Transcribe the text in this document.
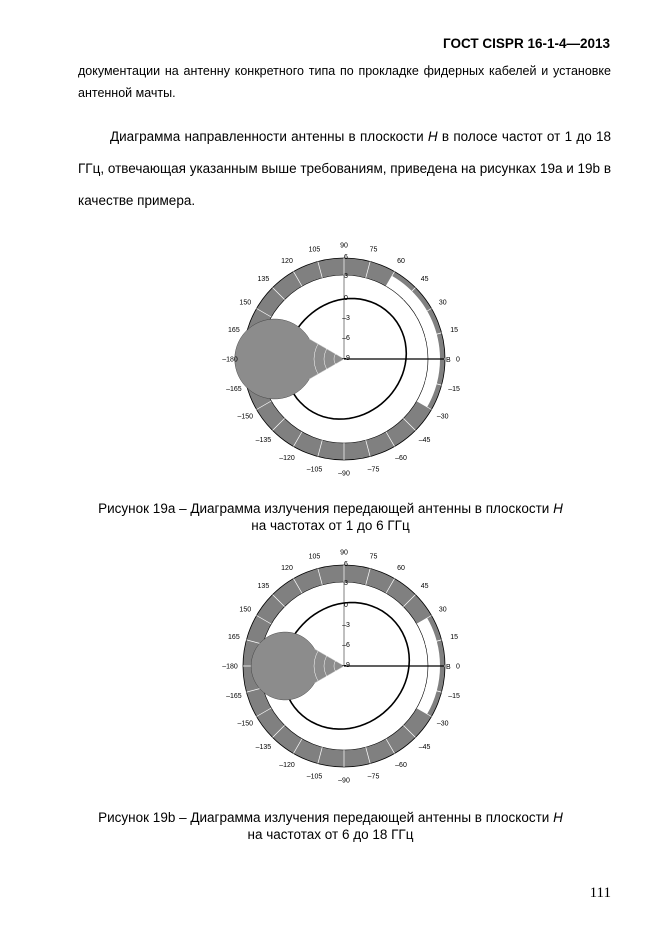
ГОСТ CISPR 16-1-4—2013
документации на антенну конкретного типа по прокладке фидерных кабелей и установке антенной мачты.
Диаграмма направленности антенны в плоскости H в полосе частот от 1 до 18 ГГц, отвечающая указанным выше требованиям, приведена на рисунках 19а и 19b в качестве примера.
90
105
120
135
150
165
–180
–165
–150
–135
–120
–105
–90
–75
–60
–45
–30
–15
0
15
30
45
60
75
6
3
0
–3
–6
–9	B
Рисунок 19а – Диаграмма излучения передающей антенны в плоскости H
на частотах от 1 до 6 ГГц
90
105
120
135
150
165
–180
–165
–150
–135
–120
–105
–90
–75
–60
–45
–30
–15
0
15
30
45
60
75
6
3
0
–3
–6
–9	B
Рисунок 19b – Диаграмма излучения передающей антенны в плоскости H
на частотах от 6 до 18 ГГц
111
